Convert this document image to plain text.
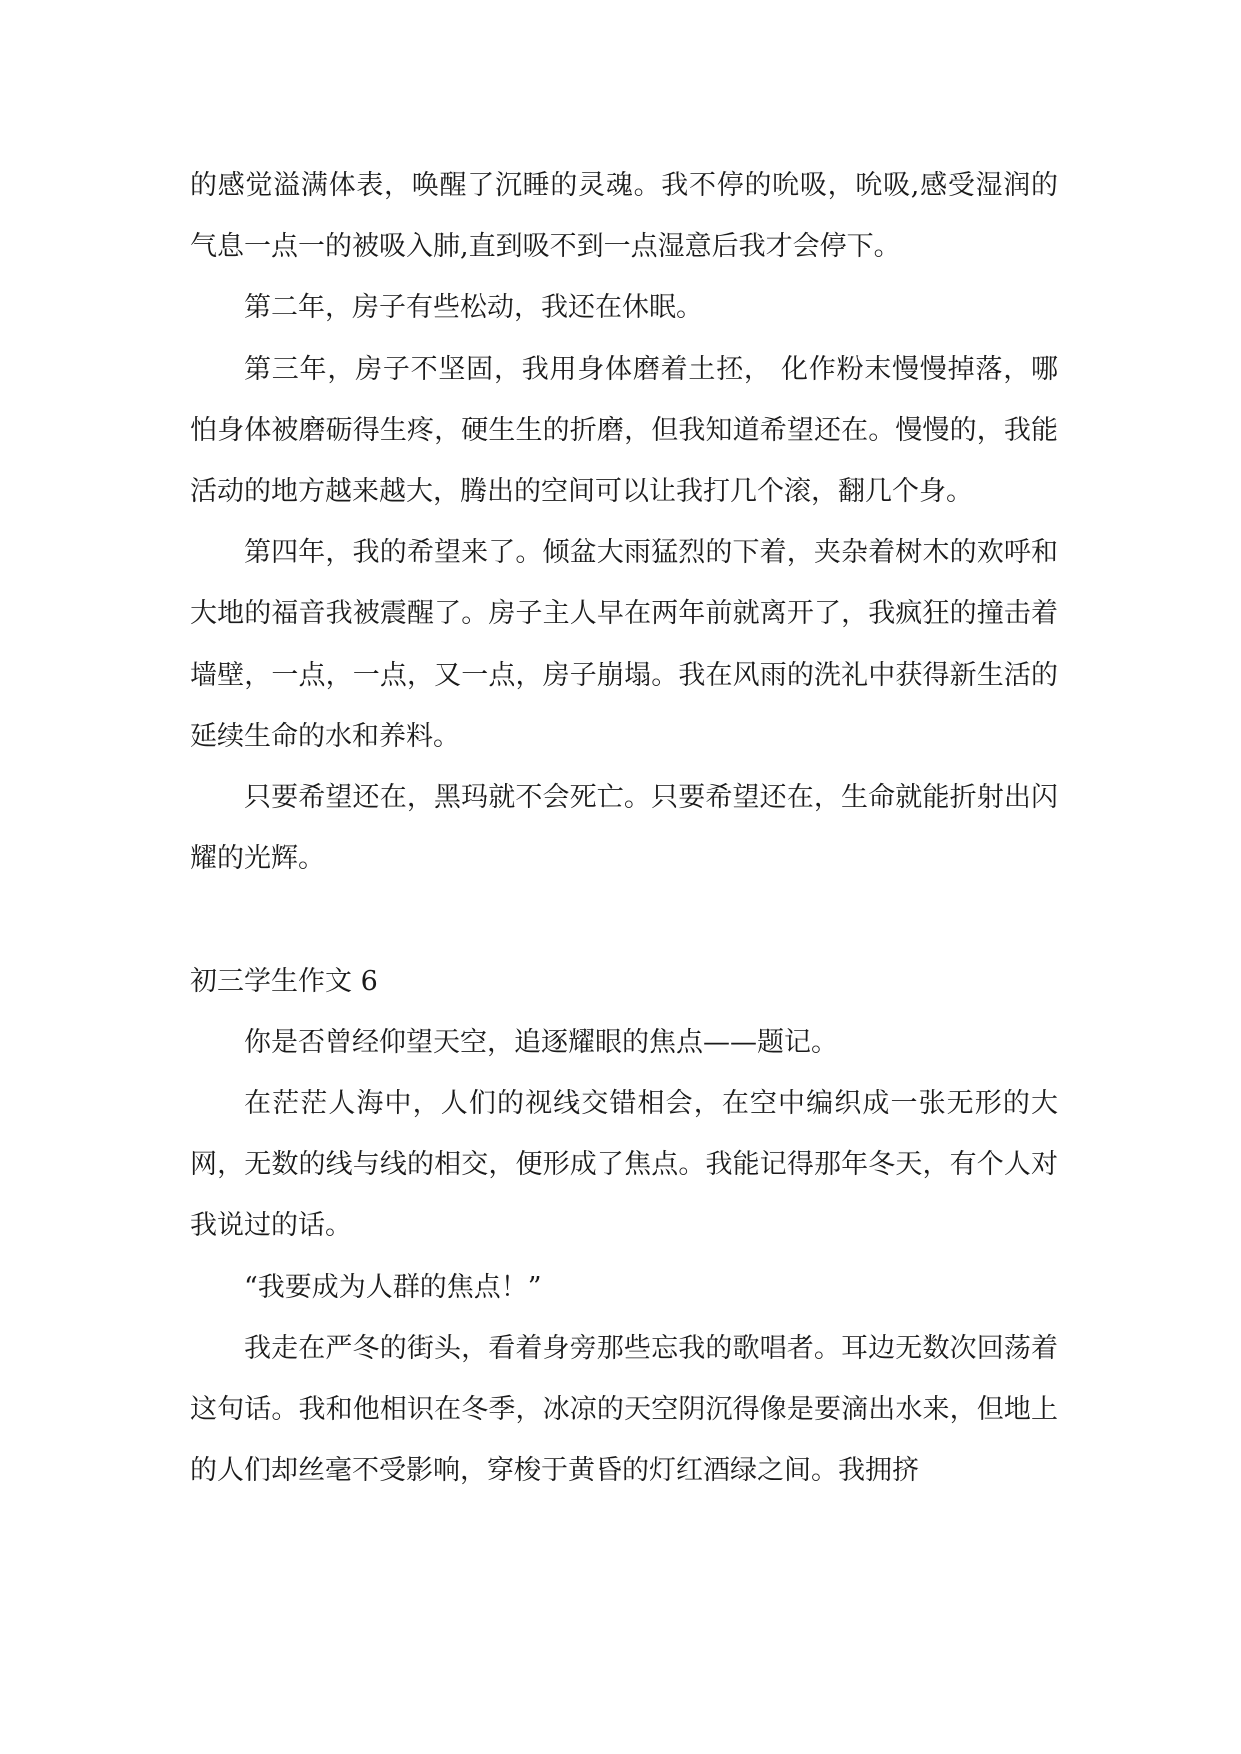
的感觉溢满体表，唤醒了沉睡的灵魂。我不停的吮吸，吮吸,感受湿润的气息一点一的被吸入肺,直到吸不到一点湿意后我才会停下。

第二年，房子有些松动，我还在休眠。

第三年，房子不坚固，我用身体磨着土抷， 化作粉末慢慢掉落，哪怕身体被磨砺得生疼，硬生生的折磨，但我知道希望还在。慢慢的，我能活动的地方越来越大，腾出的空间可以让我打几个滚，翻几个身。

第四年，我的希望来了。倾盆大雨猛烈的下着，夹杂着树木的欢呼和大地的福音我被震醒了。房子主人早在两年前就离开了，我疯狂的撞击着墙壁，一点，一点，又一点，房子崩塌。我在风雨的洗礼中获得新生活的延续生命的水和养料。

只要希望还在，黑玛就不会死亡。只要希望还在，生命就能折射出闪耀的光辉。

初三学生作文 6

你是否曾经仰望天空，追逐耀眼的焦点——题记。

在茫茫人海中，人们的视线交错相会，在空中编织成一张无形的大网，无数的线与线的相交，便形成了焦点。我能记得那年冬天，有个人对我说过的话。

“我要成为人群的焦点！”

我走在严冬的街头，看着身旁那些忘我的歌唱者。耳边无数次回荡着这句话。我和他相识在冬季，冰凉的天空阴沉得像是要滴出水来，但地上的人们却丝毫不受影响，穿梭于黄昏的灯红酒绿之间。我拥挤
